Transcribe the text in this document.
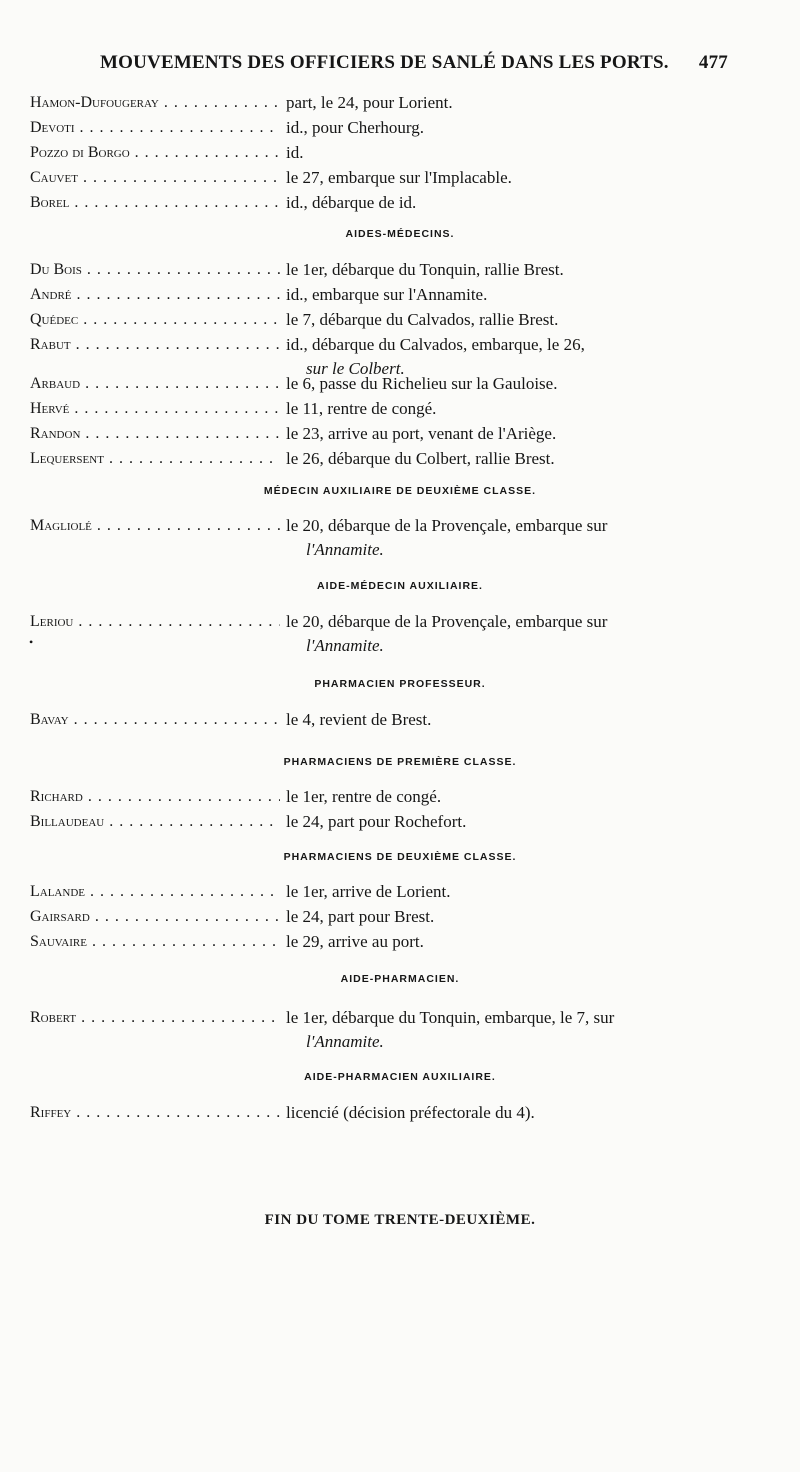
MOUVEMENTS DES OFFICIERS DE SANLÉ DANS LES PORTS. 477
Hamon-Dufougeray . . .	part, le 24, pour Lorient.
Devoti . . .	id., pour Cherhourg.
Pozzo di Borgo . . .	id.
Cauvet . . .	le 27, embarque sur l'Implacable.
Borel . . .	id., débarque de id.
AIDES-MÉDECINS.
Du Bois . . .	le 1er, débarque du Tonquin, rallie Brest.
André . . .	id., embarque sur l'Annamite.
Quédec . . .	le 7, débarque du Calvados, rallie Brest.
Rabut . . .	id., débarque du Calvados, embarque, le 26,
sur le Colbert.
Arbaud . . .	le 6, passe du Richelieu sur la Gauloise.
Hervé . . .	le 11, rentre de congé.
Randon . . .	le 23, arrive au port, venant de l'Ariège.
Lequersent . . .	le 26, débarque du Colbert, rallie Brest.
MÉDECIN AUXILIAIRE DE DEUXIÈME CLASSE.
Magliolé . . .	le 20, débarque de la Provençale, embarque sur
l'Annamite.
AIDE-MÉDECIN AUXILIAIRE.
Leriou . . .	le 20, débarque de la Provençale, embarque sur
l'Annamite.
•
PHARMACIEN PROFESSEUR.
Bavay . . .	le 4, revient de Brest.
PHARMACIENS DE PREMIÈRE CLASSE.
Richard . . .	le 1er, rentre de congé.
Billaudeau . . .	le 24, part pour Rochefort.
PHARMACIENS DE DEUXIÈME CLASSE.
Lalande . . .	le 1er, arrive de Lorient.
Gairsard . . .	le 24, part pour Brest.
Sauvaire . . .	le 29, arrive au port.
AIDE-PHARMACIEN.
Robert . . .	le 1er, débarque du Tonquin, embarque, le 7, sur
l'Annamite.
AIDE-PHARMACIEN AUXILIAIRE.
Riffey . . .	licencié (décision préfectorale du 4).
FIN DU TOME TRENTE-DEUXIÈME.
